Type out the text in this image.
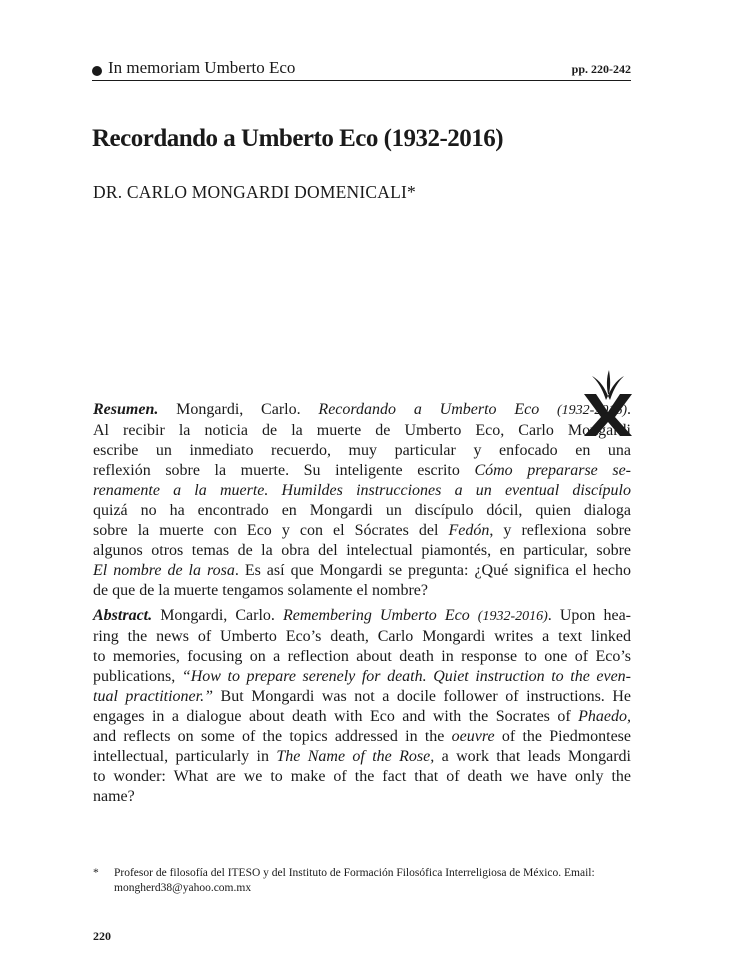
In memoriam Umberto Eco	pp. 220-242
Recordando a Umberto Eco (1932-2016)
DR. CARLO MONGARDI DOMENICALI*
Resumen. Mongardi, Carlo. Recordando a Umberto Eco (1932-2016).
Al recibir la noticia de la muerte de Umberto Eco, Carlo Mongardi
escribe un inmediato recuerdo, muy particular y enfocado en una
reflexión sobre la muerte. Su inteligente escrito Cómo prepararse se-
renamente a la muerte. Humildes instrucciones a un eventual discípulo
quizá no ha encontrado en Mongardi un discípulo dócil, quien dialoga
sobre la muerte con Eco y con el Sócrates del Fedón, y reflexiona sobre
algunos otros temas de la obra del intelectual piamontés, en particular, sobre
El nombre de la rosa. Es así que Mongardi se pregunta: ¿Qué significa el hecho
de que de la muerte tengamos solamente el nombre?
Abstract. Mongardi, Carlo. Remembering Umberto Eco (1932-2016). Upon hea-
ring the news of Umberto Eco’s death, Carlo Mongardi writes a text linked
to memories, focusing on a reflection about death in response to one of Eco’s
publications, “How to prepare serenely for death. Quiet instruction to the even-
tual practitioner.” But Mongardi was not a docile follower of instructions. He
engages in a dialogue about death with Eco and with the Socrates of Phaedo,
and reflects on some of the topics addressed in the oeuvre of the Piedmontese
intellectual, particularly in The Name of the Rose, a work that leads Mongardi
to wonder: What are we to make of the fact that of death we have only the
name?
* Profesor de filosofía del ITESO y del Instituto de Formación Filosófica Interreligiosa de México. Email: mongherd38@yahoo.com.mx
220
